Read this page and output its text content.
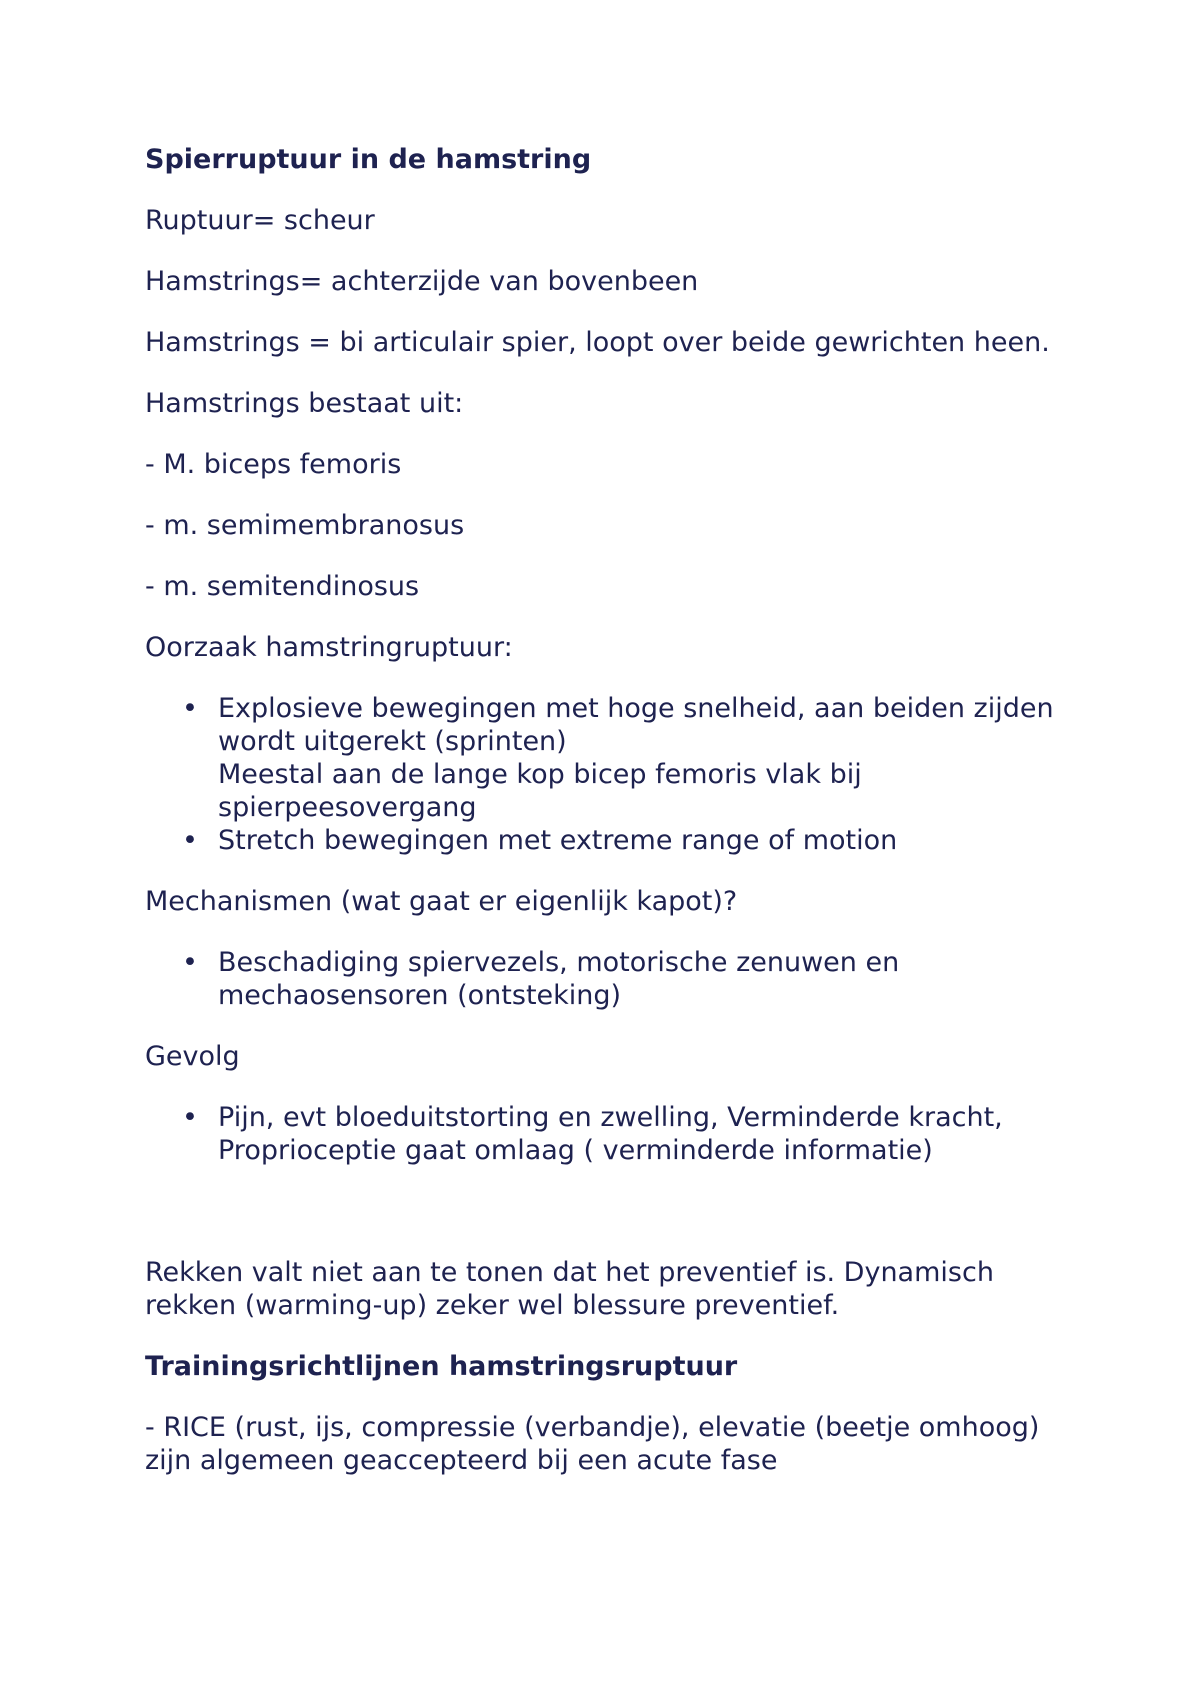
Spierruptuur in de hamstring

Ruptuur= scheur

Hamstrings= achterzijde van bovenbeen

Hamstrings = bi articulair spier, loopt over beide gewrichten heen.

Hamstrings bestaat uit:

- M. biceps femoris

- m. semimembranosus

- m. semitendinosus

Oorzaak hamstringruptuur:

• Explosieve bewegingen met hoge snelheid, aan beiden zijden wordt uitgerekt (sprinten)
Meestal aan de lange kop bicep femoris vlak bij spierpeesovergang
• Stretch bewegingen met extreme range of motion

Mechanismen (wat gaat er eigenlijk kapot)?

• Beschadiging spiervezels, motorische zenuwen en mechaosensoren (ontsteking)

Gevolg

• Pijn, evt bloeduitstorting en zwelling, Verminderde kracht, Proprioceptie gaat omlaag ( verminderde informatie)

Rekken valt niet aan te tonen dat het preventief is. Dynamisch rekken (warming-up) zeker wel blessure preventief.

Trainingsrichtlijnen hamstringsruptuur

- RICE (rust, ijs, compressie (verbandje), elevatie (beetje omhoog) zijn algemeen geaccepteerd bij een acute fase
